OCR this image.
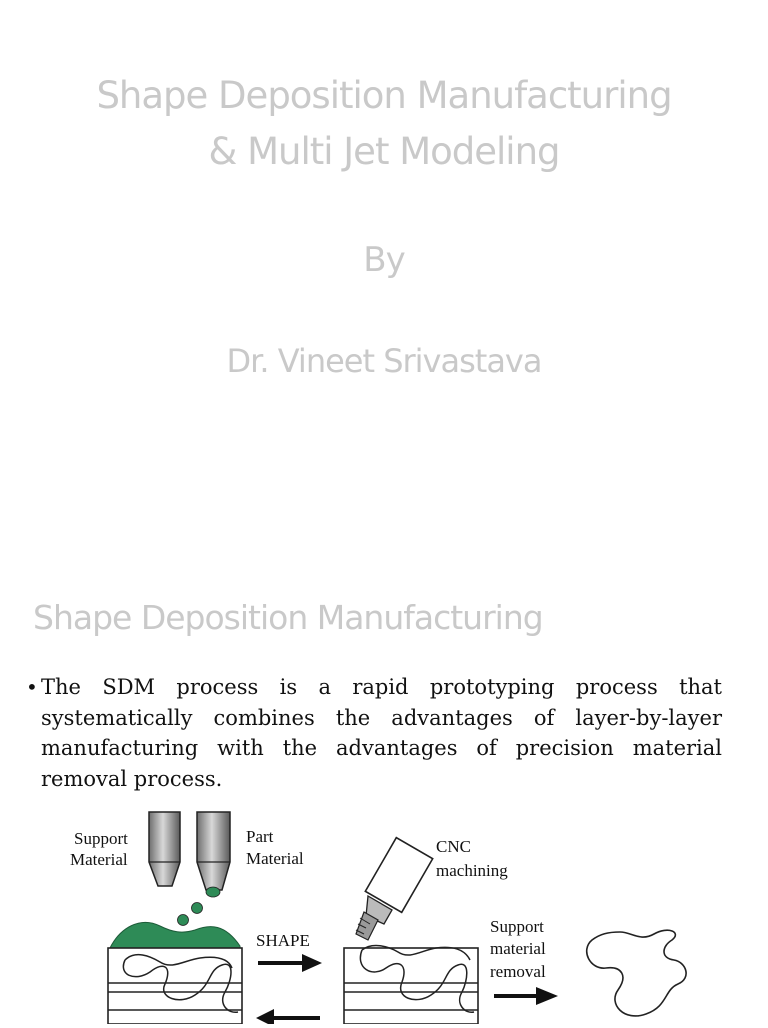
Shape Deposition Manufacturing
& Multi Jet Modeling
By
Dr. Vineet Srivastava
Shape Deposition Manufacturing
• The SDM process is a rapid prototyping process that systematically combines the advantages of layer-by-layer manufacturing with the advantages of precision material removal process.
Support
Material
Part
Material
SHAPE
CNC
machining
Support
material
removal
